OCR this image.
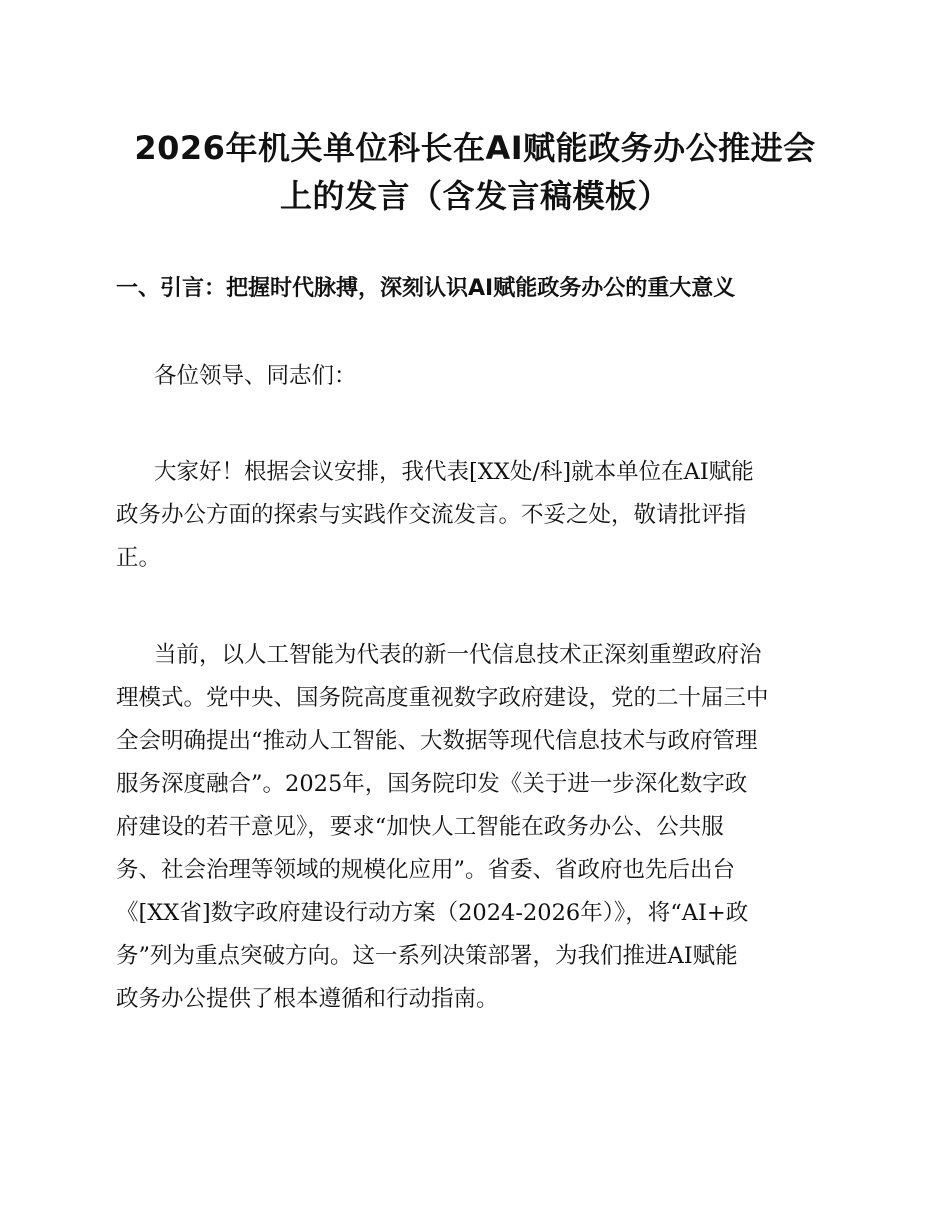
2026年机关单位科长在AI赋能政务办公推进会
上的发言（含发言稿模板）
一、引言：把握时代脉搏，深刻认识AI赋能政务办公的重大意义

各位领导、同志们：

大家好！根据会议安排，我代表[XX处/科]就本单位在AI赋能
政务办公方面的探索与实践作交流发言。不妥之处，敬请批评指
正。

当前，以人工智能为代表的新一代信息技术正深刻重塑政府治
理模式。党中央、国务院高度重视数字政府建设，党的二十届三中
全会明确提出“推动人工智能、大数据等现代信息技术与政府管理
服务深度融合”。2025年，国务院印发《关于进一步深化数字政
府建设的若干意见》，要求“加快人工智能在政务办公、公共服
务、社会治理等领域的规模化应用”。省委、省政府也先后出台
《[XX省]数字政府建设行动方案（2024-2026年）》，将“AI+政
务”列为重点突破方向。这一系列决策部署，为我们推进AI赋能
政务办公提供了根本遵循和行动指南。
